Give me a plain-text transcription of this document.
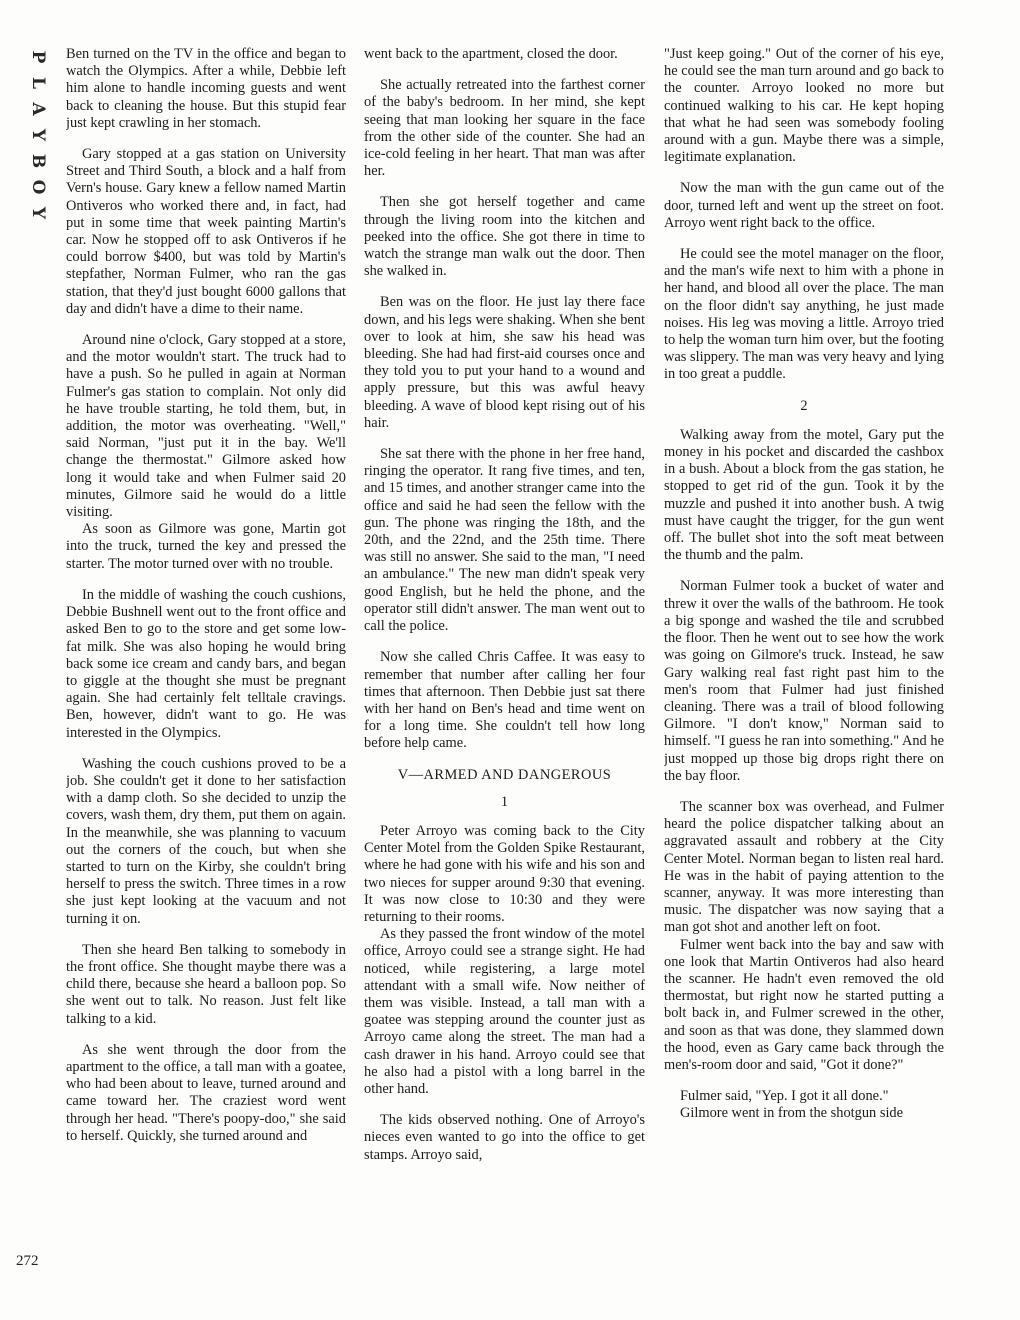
P
L
A
Y
B
O
Y
272

Ben turned on the TV in the office and began to watch the Olympics. After a while, Debbie left him alone to handle incoming guests and went back to cleaning the house. But this stupid fear just kept crawling in her stomach.

Gary stopped at a gas station on University Street and Third South, a block and a half from Vern's house. Gary knew a fellow named Martin Ontiveros who worked there and, in fact, had put in some time that week painting Martin's car. Now he stopped off to ask Ontiveros if he could borrow $400, but was told by Martin's stepfather, Norman Fulmer, who ran the gas station, that they'd just bought 6000 gallons that day and didn't have a dime to their name.

Around nine o'clock, Gary stopped at a store, and the motor wouldn't start. The truck had to have a push. So he pulled in again at Norman Fulmer's gas station to complain. Not only did he have trouble starting, he told them, but, in addition, the motor was overheating. "Well," said Norman, "just put it in the bay. We'll change the thermostat." Gilmore asked how long it would take and when Fulmer said 20 minutes, Gilmore said he would do a little visiting.

As soon as Gilmore was gone, Martin got into the truck, turned the key and pressed the starter. The motor turned over with no trouble.

In the middle of washing the couch cushions, Debbie Bushnell went out to the front office and asked Ben to go to the store and get some low-fat milk. She was also hoping he would bring back some ice cream and candy bars, and began to giggle at the thought she must be pregnant again. She had certainly felt telltale cravings. Ben, however, didn't want to go. He was interested in the Olympics.

Washing the couch cushions proved to be a job. She couldn't get it done to her satisfaction with a damp cloth. So she decided to unzip the covers, wash them, dry them, put them on again. In the meanwhile, she was planning to vacuum out the corners of the couch, but when she started to turn on the Kirby, she couldn't bring herself to press the switch. Three times in a row she just kept looking at the vacuum and not turning it on.

Then she heard Ben talking to somebody in the front office. She thought maybe there was a child there, because she heard a balloon pop. So she went out to talk. No reason. Just felt like talking to a kid.

As she went through the door from the apartment to the office, a tall man with a goatee, who had been about to leave, turned around and came toward her. The craziest word went through her head. "There's poopy-doo," she said to herself. Quickly, she turned around and

went back to the apartment, closed the door.

She actually retreated into the farthest corner of the baby's bedroom. In her mind, she kept seeing that man looking her square in the face from the other side of the counter. She had an ice-cold feeling in her heart. That man was after her.

Then she got herself together and came through the living room into the kitchen and peeked into the office. She got there in time to watch the strange man walk out the door. Then she walked in.

Ben was on the floor. He just lay there face down, and his legs were shaking. When she bent over to look at him, she saw his head was bleeding. She had had first-aid courses once and they told you to put your hand to a wound and apply pressure, but this was awful heavy bleeding. A wave of blood kept rising out of his hair.

She sat there with the phone in her free hand, ringing the operator. It rang five times, and ten, and 15 times, and another stranger came into the office and said he had seen the fellow with the gun. The phone was ringing the 18th, and the 20th, and the 22nd, and the 25th time. There was still no answer. She said to the man, "I need an ambulance." The new man didn't speak very good English, but he held the phone, and the operator still didn't answer. The man went out to call the police.

Now she called Chris Caffee. It was easy to remember that number after calling her four times that afternoon. Then Debbie just sat there with her hand on Ben's head and time went on for a long time. She couldn't tell how long before help came.

V—ARMED AND DANGEROUS
1

Peter Arroyo was coming back to the City Center Motel from the Golden Spike Restaurant, where he had gone with his wife and his son and two nieces for supper around 9:30 that evening. It was now close to 10:30 and they were returning to their rooms.

As they passed the front window of the motel office, Arroyo could see a strange sight. He had noticed, while registering, a large motel attendant with a small wife. Now neither of them was visible. Instead, a tall man with a goatee was stepping around the counter just as Arroyo came along the street. The man had a cash drawer in his hand. Arroyo could see that he also had a pistol with a long barrel in the other hand.

The kids observed nothing. One of Arroyo's nieces even wanted to go into the office to get stamps. Arroyo said,

"Just keep going." Out of the corner of his eye, he could see the man turn around and go back to the counter. Arroyo looked no more but continued walking to his car. He kept hoping that what he had seen was somebody fooling around with a gun. Maybe there was a simple, legitimate explanation.

Now the man with the gun came out of the door, turned left and went up the street on foot. Arroyo went right back to the office.

He could see the motel manager on the floor, and the man's wife next to him with a phone in her hand, and blood all over the place. The man on the floor didn't say anything, he just made noises. His leg was moving a little. Arroyo tried to help the woman turn him over, but the footing was slippery. The man was very heavy and lying in too great a puddle.

2

Walking away from the motel, Gary put the money in his pocket and discarded the cashbox in a bush. About a block from the gas station, he stopped to get rid of the gun. Took it by the muzzle and pushed it into another bush. A twig must have caught the trigger, for the gun went off. The bullet shot into the soft meat between the thumb and the palm.

Norman Fulmer took a bucket of water and threw it over the walls of the bathroom. He took a big sponge and washed the tile and scrubbed the floor. Then he went out to see how the work was going on Gilmore's truck. Instead, he saw Gary walking real fast right past him to the men's room that Fulmer had just finished cleaning. There was a trail of blood following Gilmore. "I don't know," Norman said to himself. "I guess he ran into something." And he just mopped up those big drops right there on the bay floor.

The scanner box was overhead, and Fulmer heard the police dispatcher talking about an aggravated assault and robbery at the City Center Motel. Norman began to listen real hard. He was in the habit of paying attention to the scanner, anyway. It was more interesting than music. The dispatcher was now saying that a man got shot and another left on foot.

Fulmer went back into the bay and saw with one look that Martin Ontiveros had also heard the scanner. He hadn't even removed the old thermostat, but right now he started putting a bolt back in, and Fulmer screwed in the other, and soon as that was done, they slammed down the hood, even as Gary came back through the men's-room door and said, "Got it done?"

Fulmer said, "Yep. I got it all done."

Gilmore went in from the shotgun side
